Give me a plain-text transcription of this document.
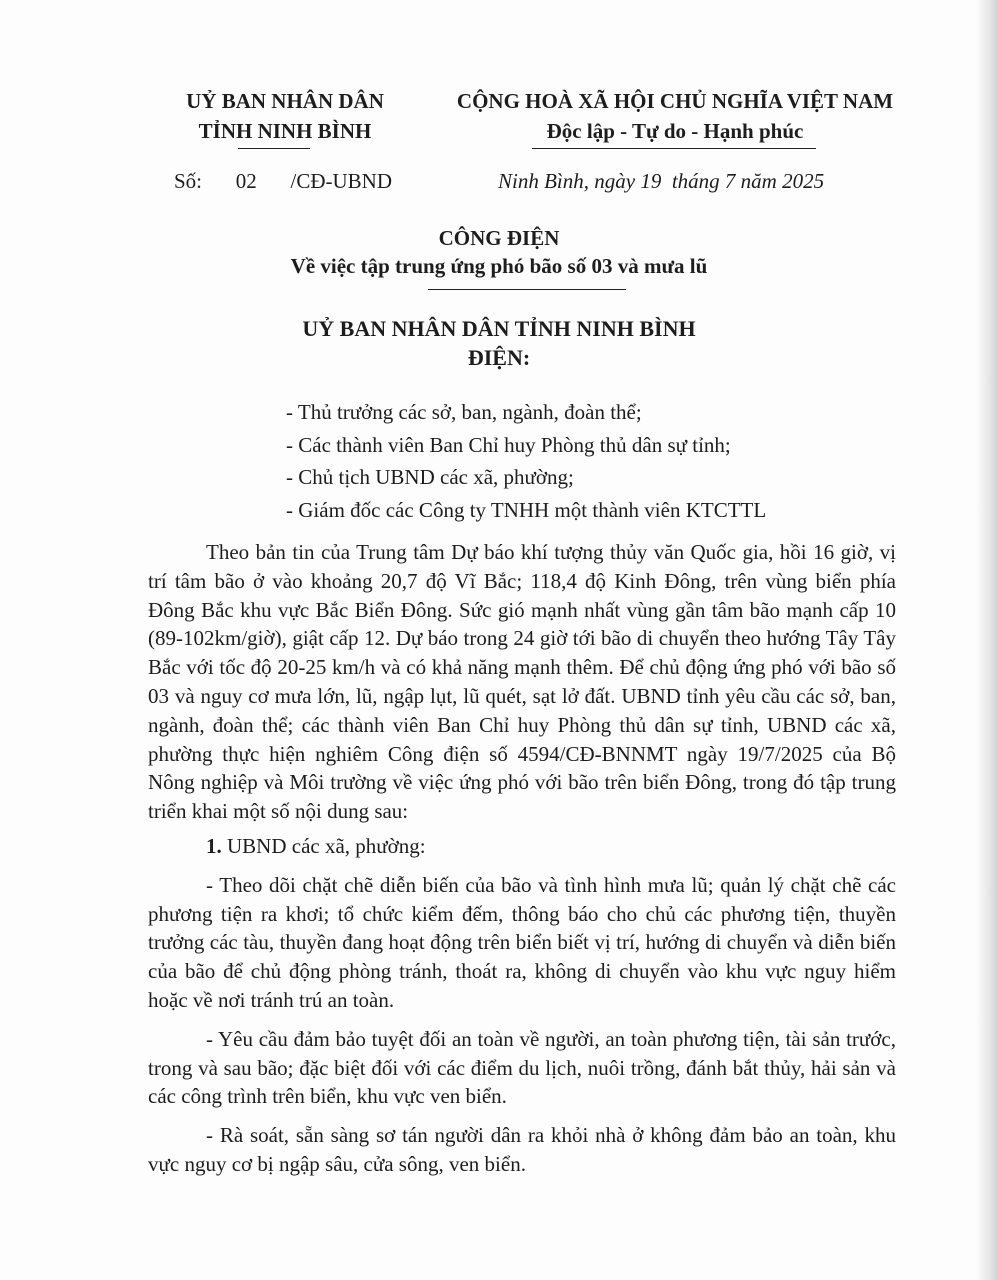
UỶ BAN NHÂN DÂN
TỈNH NINH BÌNH
CỘNG HOÀ XÃ HỘI CHỦ NGHĨA VIỆT NAM
Độc lập - Tự do - Hạnh phúc
Số:   02   /CĐ-UBND	Ninh Bình, ngày 19  tháng 7 năm 2025
CÔNG ĐIỆN
Về việc tập trung ứng phó bão số 03 và mưa lũ
UỶ BAN NHÂN DÂN TỈNH NINH BÌNH
ĐIỆN:
- Thủ trưởng các sở, ban, ngành, đoàn thể;
- Các thành viên Ban Chỉ huy Phòng thủ dân sự tỉnh;
- Chủ tịch UBND các xã, phường;
- Giám đốc các Công ty TNHH một thành viên KTCTTL

Theo bản tin của Trung tâm Dự báo khí tượng thủy văn Quốc gia, hồi 16 giờ, vị trí tâm bão ở vào khoảng 20,7 độ Vĩ Bắc; 118,4 độ Kinh Đông, trên vùng biển phía Đông Bắc khu vực Bắc Biển Đông. Sức gió mạnh nhất vùng gần tâm bão mạnh cấp 10 (89-102km/giờ), giật cấp 12. Dự báo trong 24 giờ tới bão di chuyển theo hướng Tây Tây Bắc với tốc độ 20-25 km/h và có khả năng mạnh thêm. Để chủ động ứng phó với bão số 03 và nguy cơ mưa lớn, lũ, ngập lụt, lũ quét, sạt lở đất. UBND tỉnh yêu cầu các sở, ban, ngành, đoàn thể; các thành viên Ban Chỉ huy Phòng thủ dân sự tỉnh, UBND các xã, phường thực hiện nghiêm Công điện số 4594/CĐ-BNNMT ngày 19/7/2025 của Bộ Nông nghiệp và Môi trường về việc ứng phó với bão trên biển Đông, trong đó tập trung triển khai một số nội dung sau:

1. UBND các xã, phường:

- Theo dõi chặt chẽ diễn biến của bão và tình hình mưa lũ; quản lý chặt chẽ các phương tiện ra khơi; tổ chức kiểm đếm, thông báo cho chủ các phương tiện, thuyền trưởng các tàu, thuyền đang hoạt động trên biển biết vị trí, hướng di chuyển và diễn biến của bão để chủ động phòng tránh, thoát ra, không di chuyển vào khu vực nguy hiểm hoặc về nơi tránh trú an toàn.

- Yêu cầu đảm bảo tuyệt đối an toàn về người, an toàn phương tiện, tài sản trước, trong và sau bão; đặc biệt đối với các điểm du lịch, nuôi trồng, đánh bắt thủy, hải sản và các công trình trên biển, khu vực ven biển.

- Rà soát, sẵn sàng sơ tán người dân ra khỏi nhà ở không đảm bảo an toàn, khu vực nguy cơ bị ngập sâu, cửa sông, ven biển.
